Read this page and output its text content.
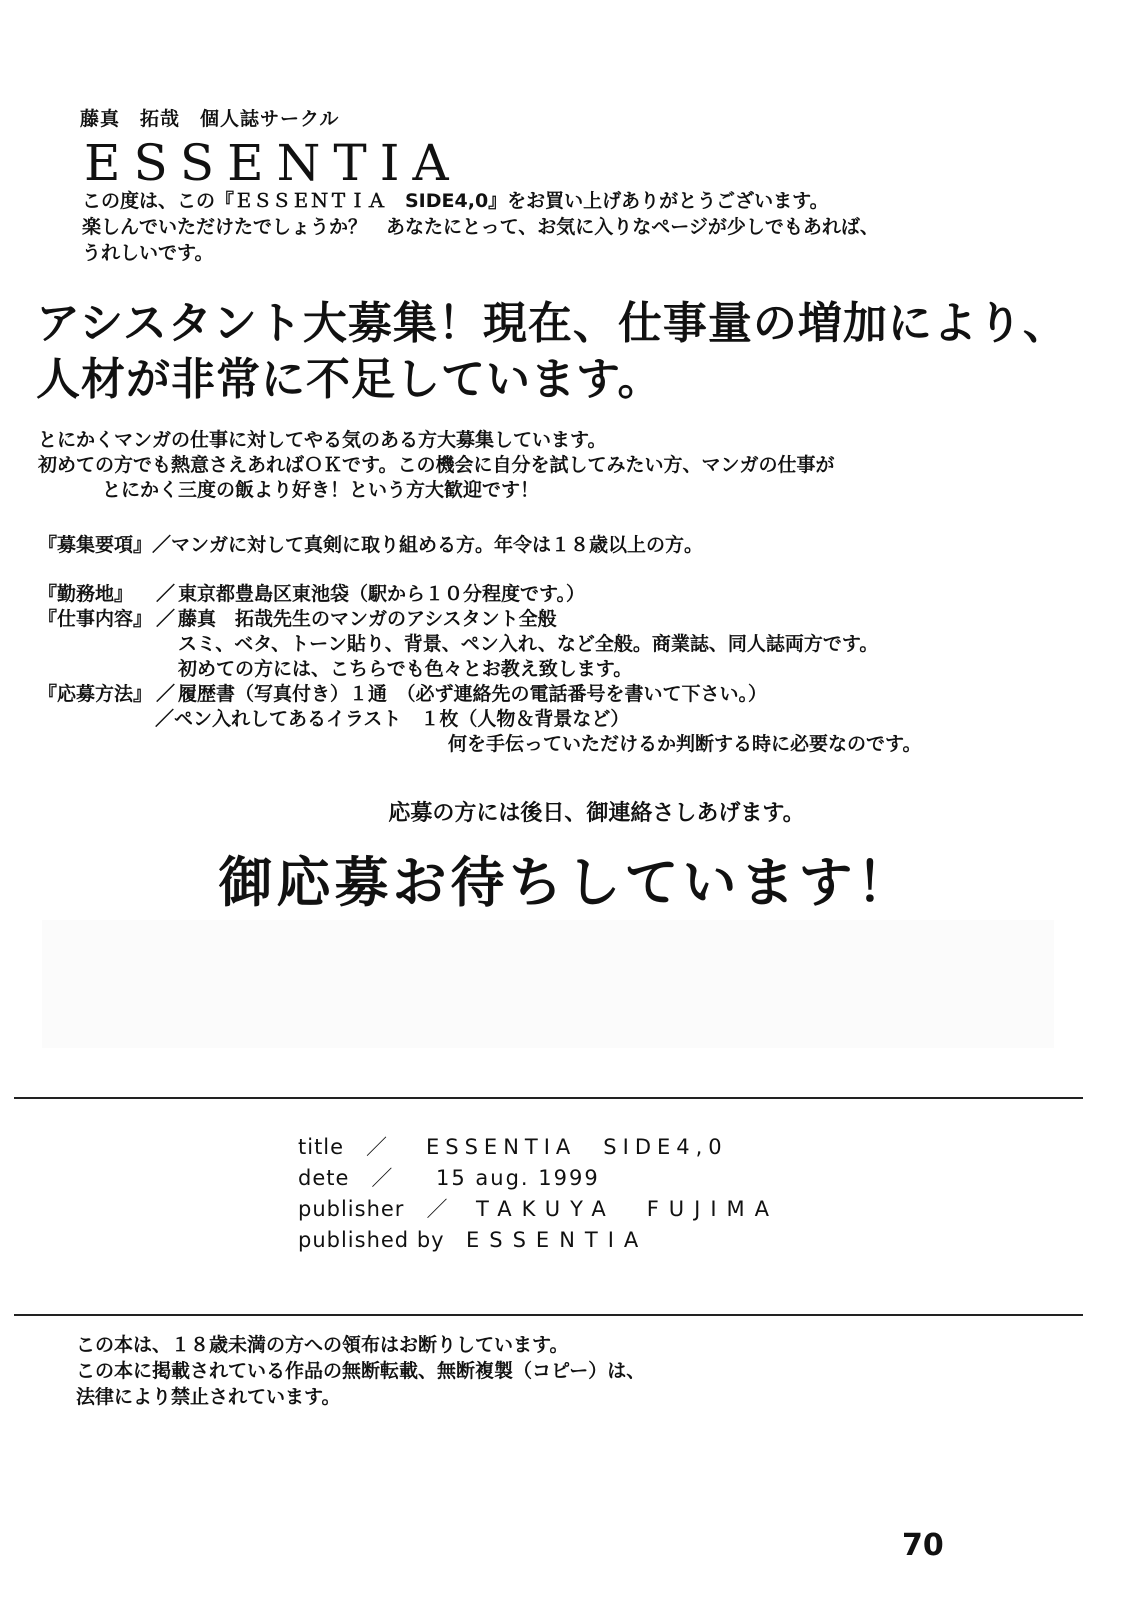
藤真　拓哉　個人誌サークル
ESSENTIA
この度は、この『ＥＳＳＥＮＴＩＡ　SIDE4,0』をお買い上げありがとうございます。
楽しんでいただけたでしょうか？　あなたにとって、お気に入りなページが少しでもあれば、
うれしいです。
アシスタント大募集！現在、仕事量の増加により、
人材が非常に不足しています。
とにかくマンガの仕事に対してやる気のある方大募集しています。
初めての方でも熱意さえあればＯＫです。この機会に自分を試してみたい方、マンガの仕事が
とにかく三度の飯より好き！という方大歓迎です！
『募集要項』／マンガに対して真剣に取り組める方。年令は１８歳以上の方。
『勤務地』	／ 東京都豊島区東池袋（駅から１０分程度です。）
『仕事内容』 ／ 藤真　拓哉先生のマンガのアシスタント全般
スミ、ベタ、トーン貼り、背景、ペン入れ、など全般。商業誌、同人誌両方です。
初めての方には、こちらでも色々とお教え致します。
『応募方法』 ／ 履歴書（写真付き）１通　（必ず連絡先の電話番号を書いて下さい。）
／ペン入れしてあるイラスト　１枚（人物＆背景など）
何を手伝っていただけるか判断する時に必要なのです。
応募の方には後日、御連絡さしあげます。
御応募お待ちしています！
title　／	ESSENTIA　SIDE4,0
dete　／	15 aug. 1999
publisher　／	TAKUYA　FUJIMA
published by	ESSENTIA
この本は、１８歳未満の方への領布はお断りしています。
この本に掲載されている作品の無断転載、無断複製（コピー）は、
法律により禁止されています。
70
